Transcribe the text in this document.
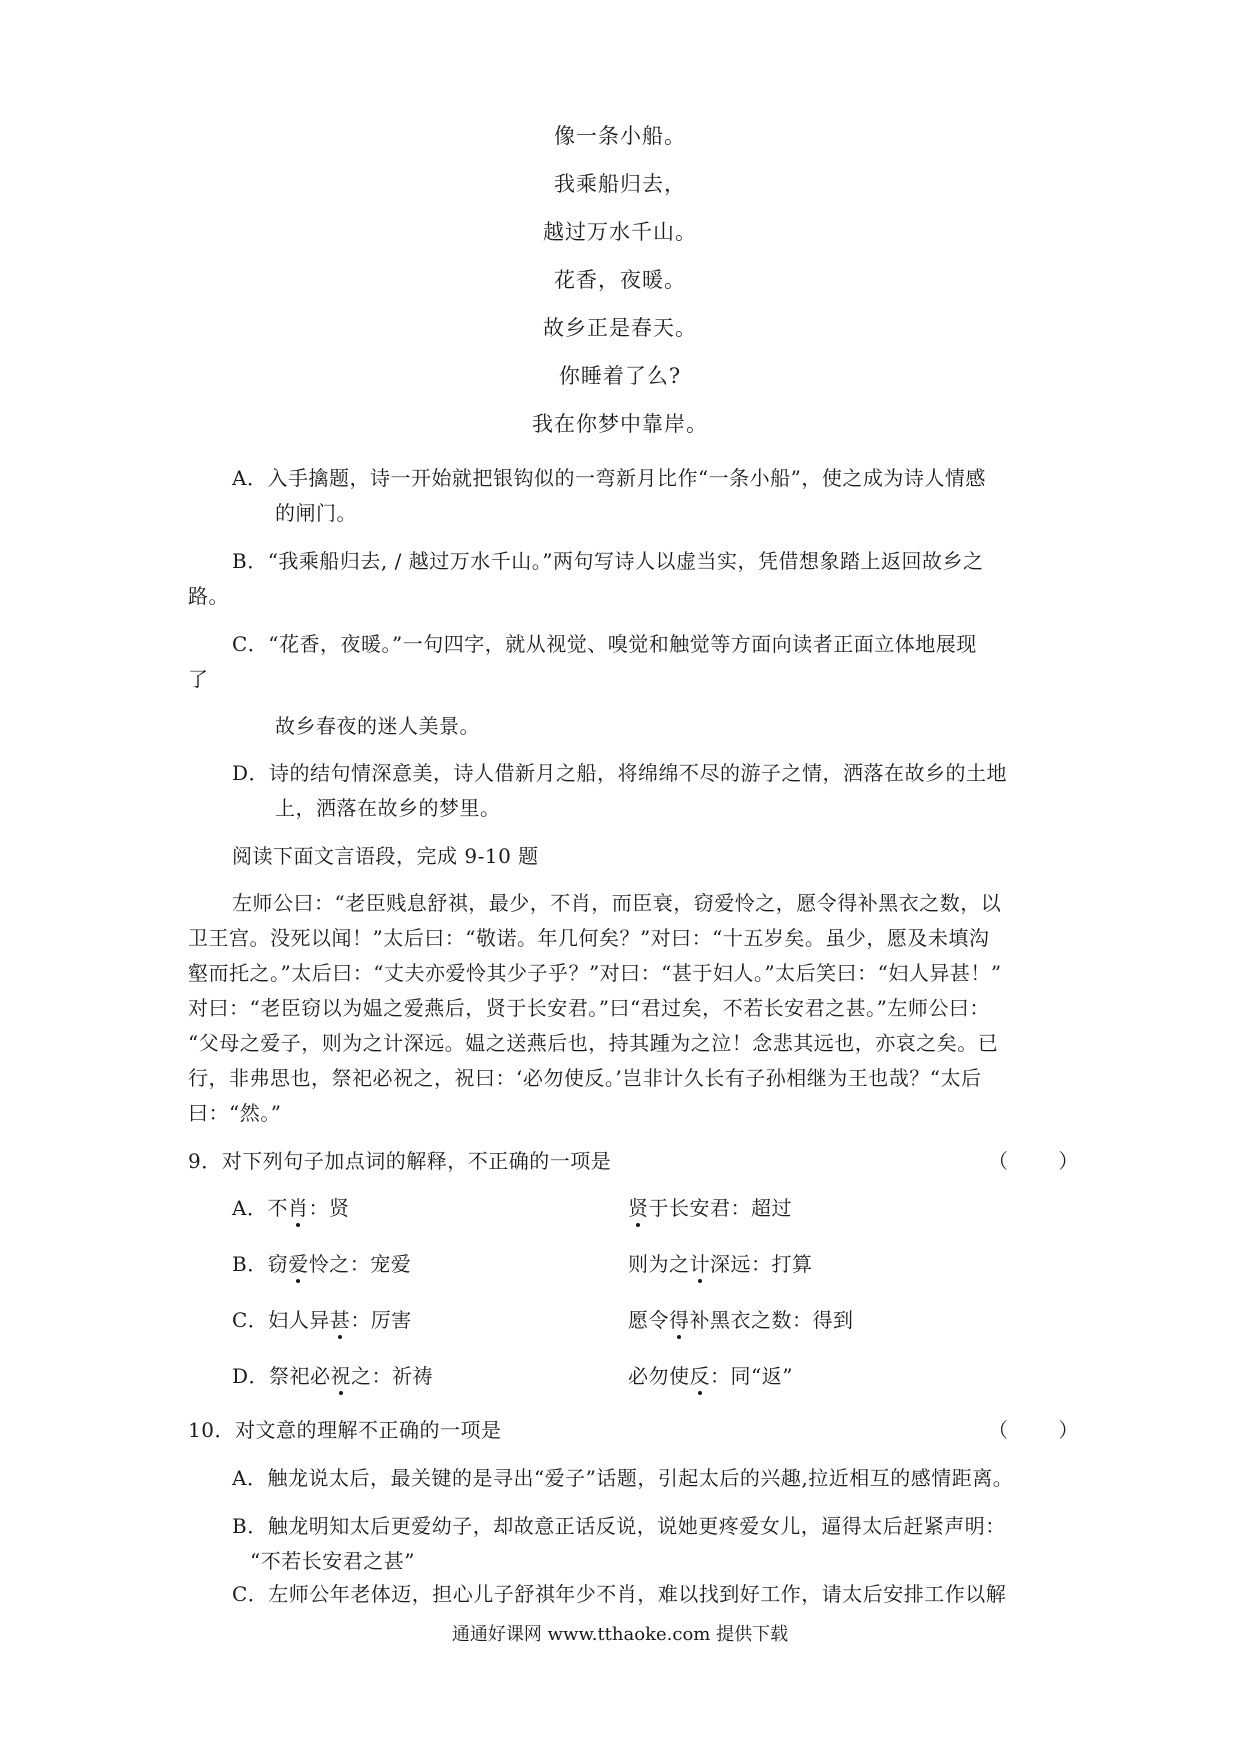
像一条小船。
我乘船归去，
越过万水千山。
花香，夜暖。
故乡正是春天。
你睡着了么?
我在你梦中靠岸。
A．入手擒题，诗一开始就把银钩似的一弯新月比作“一条小船”，使之成为诗人情感
的闸门。
B．“我乘船归去, / 越过万水千山。”两句写诗人以虚当实，凭借想象踏上返回故乡之
路。
C．“花香，夜暖。”一句四字，就从视觉、嗅觉和触觉等方面向读者正面立体地展现
了
故乡春夜的迷人美景。
D．诗的结句情深意美，诗人借新月之船，将绵绵不尽的游子之情，洒落在故乡的土地
上，洒落在故乡的梦里。
阅读下面文言语段，完成 9-10 题
左师公曰：“老臣贱息舒祺，最少，不肖，而臣衰，窃爱怜之，愿令得补黑衣之数，以
卫王宫。没死以闻！”太后曰：“敬诺。年几何矣？”对曰：“十五岁矣。虽少，愿及未填沟
壑而托之。”太后曰：“丈夫亦爱怜其少子乎？”对曰：“甚于妇人。”太后笑曰：“妇人异甚！”
对曰：“老臣窃以为媪之爱燕后，贤于长安君。”曰“君过矣，不若长安君之甚。”左师公曰：
“父母之爱子，则为之计深远。媪之送燕后也，持其踵为之泣！念悲其远也，亦哀之矣。已
行，非弗思也，祭祀必祝之，祝曰：‘必勿使反。’岂非计久长有子孙相继为王也哉？“太后
曰：“然。”
9．对下列句子加点词的解释，不正确的一项是	（ ）
A．不肖：贤	贤于长安君：超过
B．窃爱怜之：宠爱	则为之计深远：打算
C．妇人异甚：厉害	愿令得补黑衣之数：得到
D．祭祀必祝之：祈祷	必勿使反：同“返”
10．对文意的理解不正确的一项是	（ ）
A．触龙说太后，最关键的是寻出“爱子”话题，引起太后的兴趣,拉近相互的感情距离。
B．触龙明知太后更爱幼子，却故意正话反说，说她更疼爱女儿，逼得太后赶紧声明：
“不若长安君之甚”
C．左师公年老体迈，担心儿子舒祺年少不肖，难以找到好工作，请太后安排工作以解
通通好课网 www.tthaoke.com 提供下载
